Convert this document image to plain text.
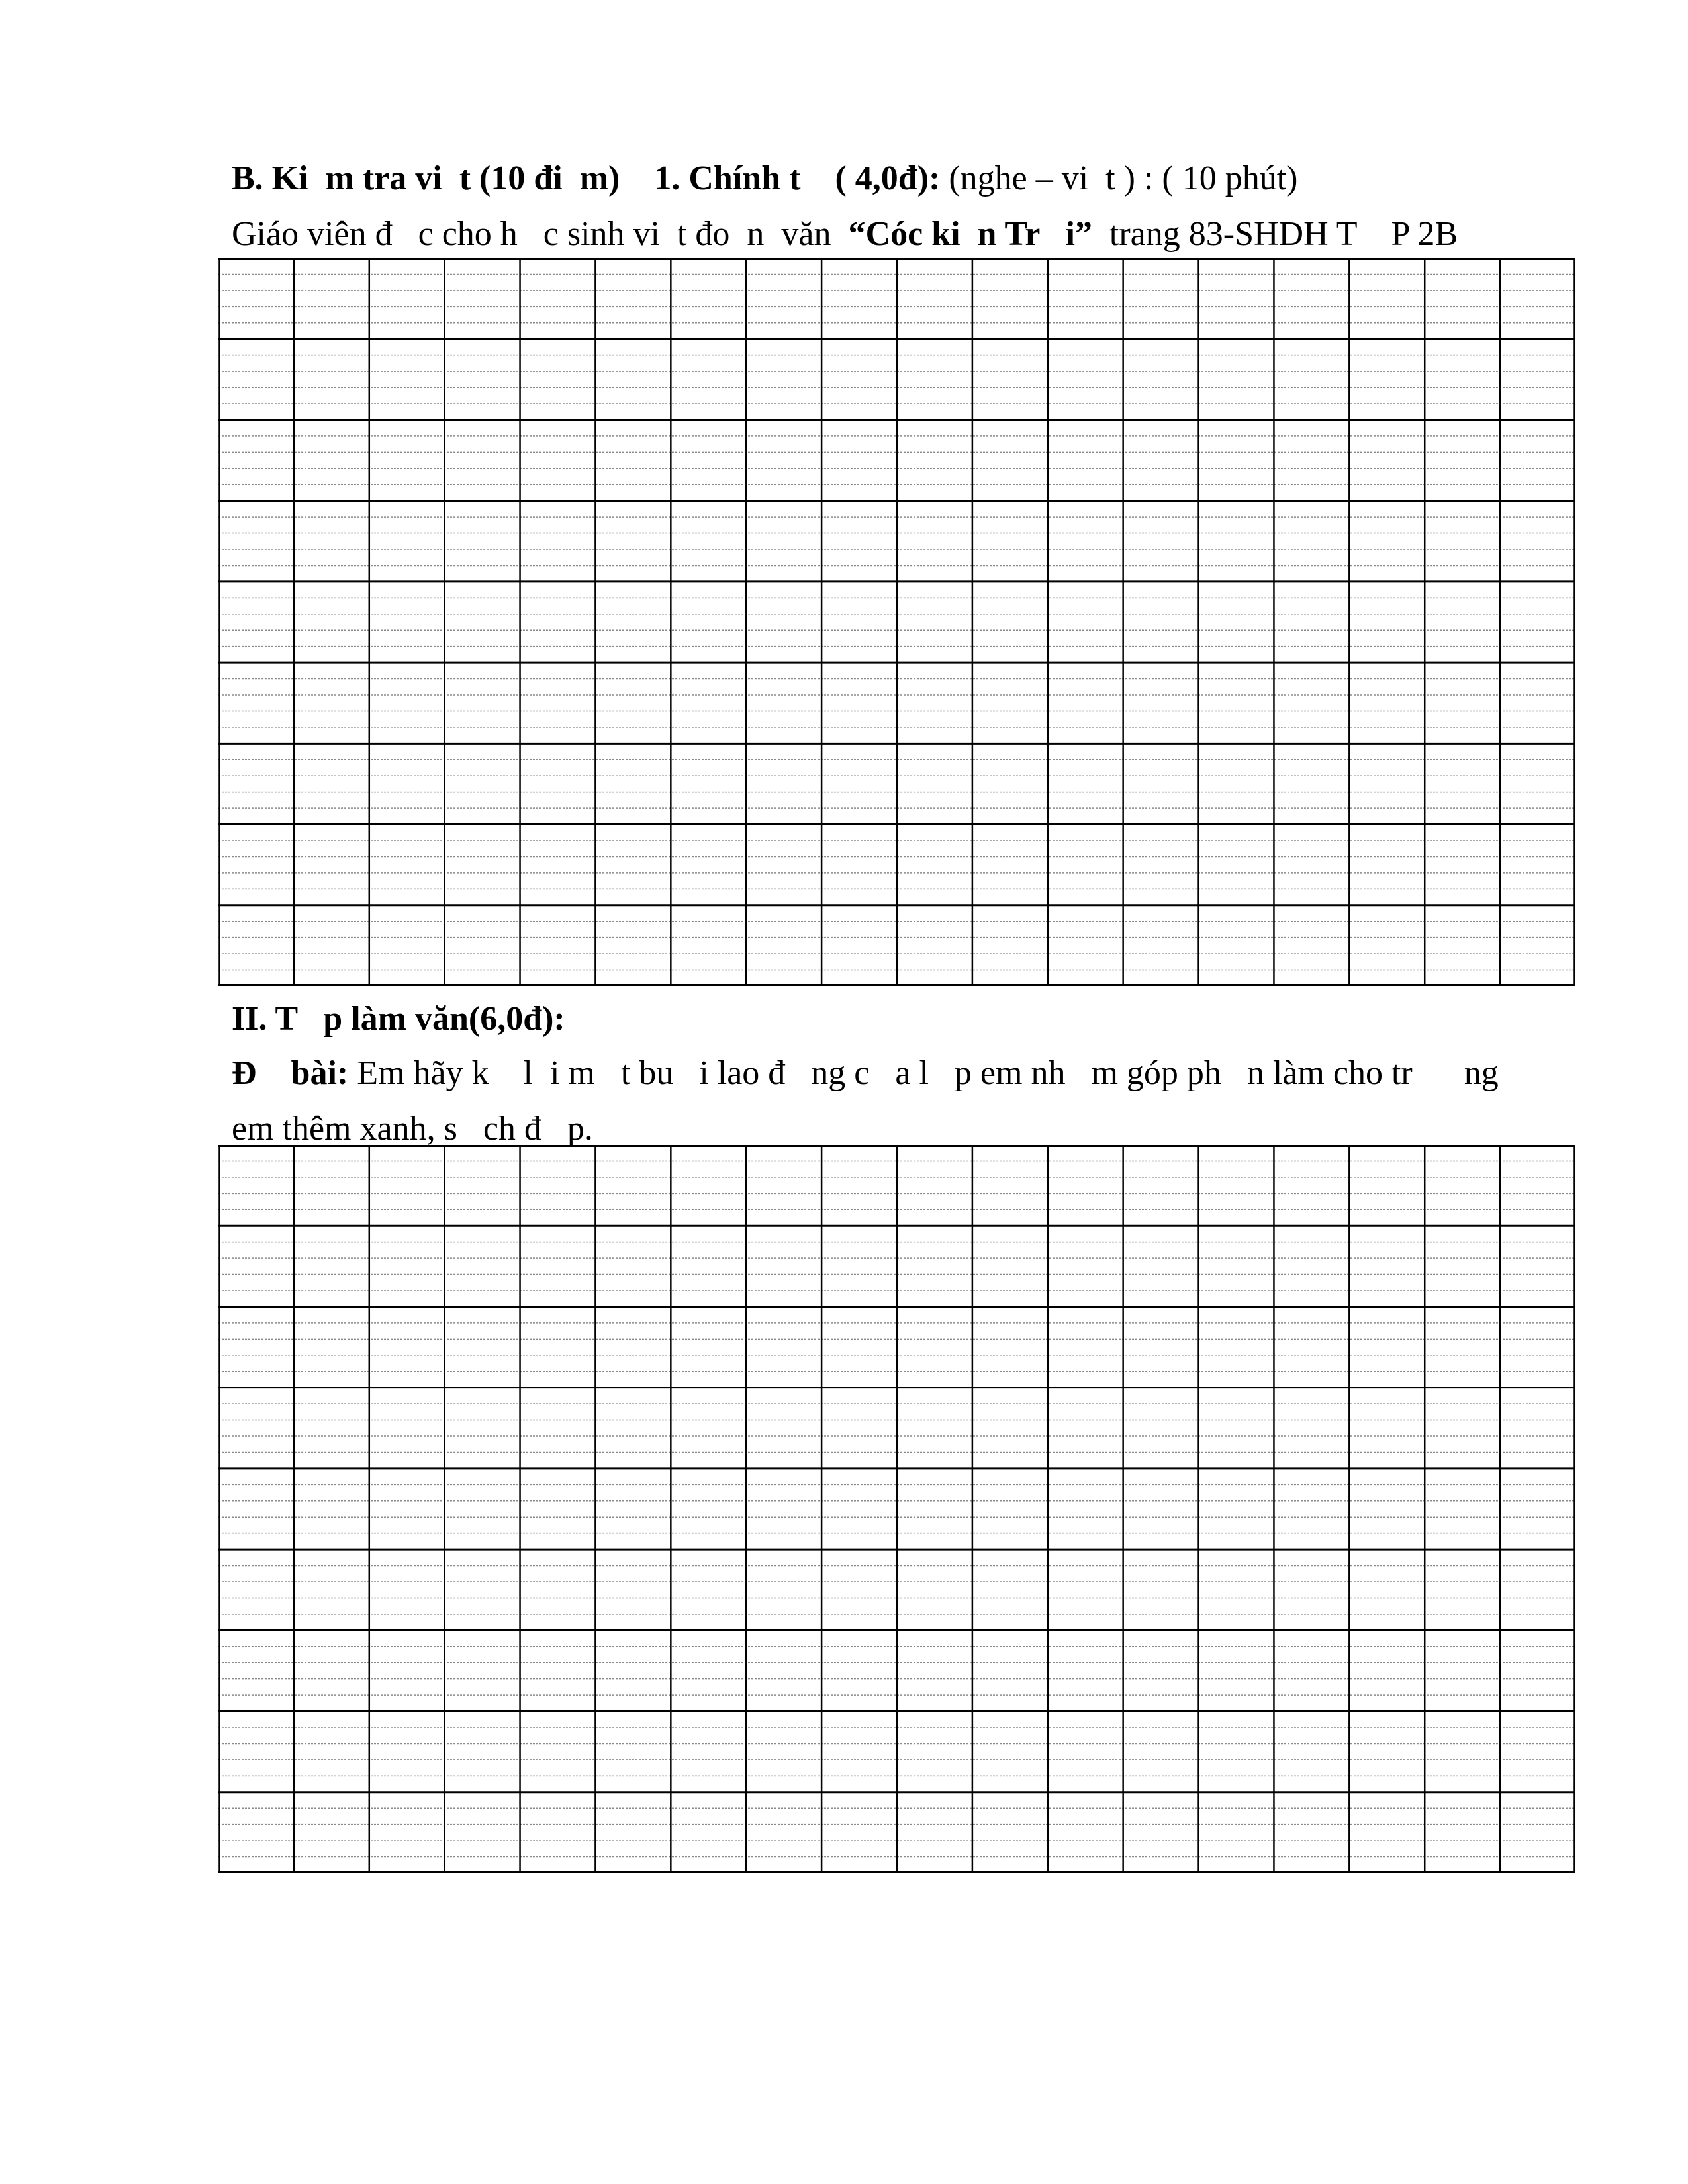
B. Ki  m tra vi  t (10 đi  m) 1. Chính t    ( 4,0đ): (nghe – vi  t ) : ( 10 phút)
Giáo viên đ   c cho h   c sinh vi  t đo  n  văn  “Cóc ki  n Tr   i”  trang 83-SHDH T    P 2B
II. T   p làm văn(6,0đ):
Đ    bài: Em hãy k    l  i m   t bu   i lao đ   ng c   a l   p em nh   m góp ph   n làm cho tr      ng
em thêm xanh, s   ch đ   p.
